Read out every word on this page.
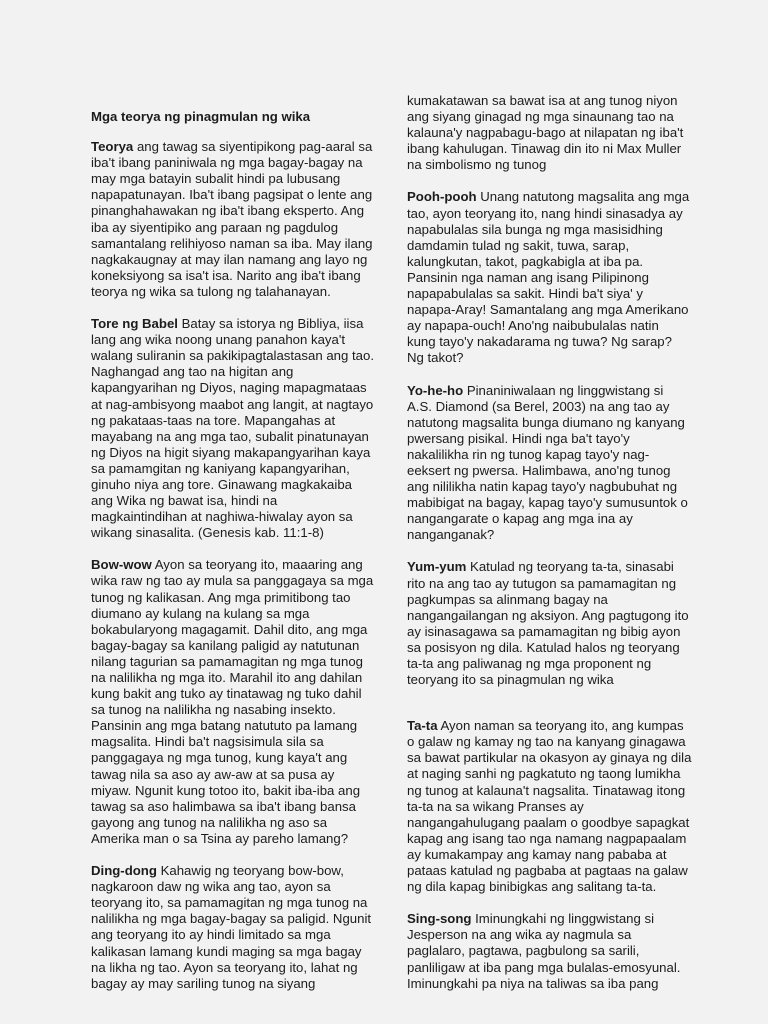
Mga teorya ng pinagmulan ng wika
Teorya ang tawag sa siyentipikong pag-aaral sa
iba't ibang paniniwala ng mga bagay-bagay na
may mga batayin subalit hindi pa lubusang
napapatunayan. Iba't ibang pagsipat o lente ang
pinanghahawakan ng iba't ibang eksperto. Ang
iba ay siyentipiko ang paraan ng pagdulog
samantalang relihiyoso naman sa iba. May ilang
nagkakaugnay at may ilan namang ang layo ng
koneksiyong sa isa't isa. Narito ang iba't ibang
teorya ng wika sa tulong ng talahanayan.
Tore ng Babel Batay sa istorya ng Bibliya, iisa
lang ang wika noong unang panahon kaya't
walang suliranin sa pakikipagtalastasan ang tao.
Naghangad ang tao na higitan ang
kapangyarihan ng Diyos, naging mapagmataas
at nag-ambisyong maabot ang langit, at nagtayo
ng pakataas-taas na tore. Mapangahas at
mayabang na ang mga tao, subalit pinatunayan
ng Diyos na higit siyang makapangyarihan kaya
sa pamamgitan ng kaniyang kapangyarihan,
ginuho niya ang tore. Ginawang magkakaiba
ang Wika ng bawat isa, hindi na
magkaintindihan at naghiwa-hiwalay ayon sa
wikang sinasalita. (Genesis kab. 11:1-8)
Bow-wow Ayon sa teoryang ito, maaaring ang
wika raw ng tao ay mula sa panggagaya sa mga
tunog ng kalikasan. Ang mga primitibong tao
diumano ay kulang na kulang sa mga
bokabularyong magagamit. Dahil dito, ang mga
bagay-bagay sa kanilang paligid ay natutunan
nilang tagurian sa pamamagitan ng mga tunog
na nalilikha ng mga ito. Marahil ito ang dahilan
kung bakit ang tuko ay tinatawag ng tuko dahil
sa tunog na nalilikha ng nasabing insekto.
Pansinin ang mga batang natututo pa lamang
magsalita. Hindi ba't nagsisimula sila sa
panggagaya ng mga tunog, kung kaya't ang
tawag nila sa aso ay aw-aw at sa pusa ay
miyaw. Ngunit kung totoo ito, bakit iba-iba ang
tawag sa aso halimbawa sa iba't ibang bansa
gayong ang tunog na nalilikha ng aso sa
Amerika man o sa Tsina ay pareho lamang?
Ding-dong Kahawig ng teoryang bow-bow,
nagkaroon daw ng wika ang tao, ayon sa
teoryang ito, sa pamamagitan ng mga tunog na
nalilikha ng mga bagay-bagay sa paligid. Ngunit
ang teoryang ito ay hindi limitado sa mga
kalikasan lamang kundi maging sa mga bagay
na likha ng tao. Ayon sa teoryang ito, lahat ng
bagay ay may sariling tunog na siyang
kumakatawan sa bawat isa at ang tunog niyon
ang siyang ginagad ng mga sinaunang tao na
kalauna'y nagpabagu-bago at nilapatan ng iba't
ibang kahulugan. Tinawag din ito ni Max Muller
na simbolismo ng tunog
Pooh-pooh Unang natutong magsalita ang mga
tao, ayon teoryang ito, nang hindi sinasadya ay
napabulalas sila bunga ng mga masisidhing
damdamin tulad ng sakit, tuwa, sarap,
kalungkutan, takot, pagkabigla at iba pa.
Pansinin nga naman ang isang Pilipinong
napapabulalas sa sakit. Hindi ba't siya' y
napapa-Aray! Samantalang ang mga Amerikano
ay napapa-ouch! Ano'ng naibubulalas natin
kung tayo'y nakadarama ng tuwa? Ng sarap?
Ng takot?
Yo-he-ho Pinaniniwalaan ng linggwistang si
A.S. Diamond (sa Berel, 2003) na ang tao ay
natutong magsalita bunga diumano ng kanyang
pwersang pisikal. Hindi nga ba't tayo'y
nakalilikha rin ng tunog kapag tayo'y nag-
eeksert ng pwersa. Halimbawa, ano'ng tunog
ang nililikha natin kapag tayo'y nagbubuhat ng
mabibigat na bagay, kapag tayo'y sumusuntok o
nangangarate o kapag ang mga ina ay
nanganganak?
Yum-yum Katulad ng teoryang ta-ta, sinasabi
rito na ang tao ay tutugon sa pamamagitan ng
pagkumpas sa alinmang bagay na
nangangailangan ng aksiyon. Ang pagtugong ito
ay isinasagawa sa pamamagitan ng bibig ayon
sa posisyon ng dila. Katulad halos ng teoryang
ta-ta ang paliwanag ng mga proponent ng
teoryang ito sa pinagmulan ng wika
Ta-ta Ayon naman sa teoryang ito, ang kumpas
o galaw ng kamay ng tao na kanyang ginagawa
sa bawat partikular na okasyon ay ginaya ng dila
at naging sanhi ng pagkatuto ng taong lumikha
ng tunog at kalauna't nagsalita. Tinatawag itong
ta-ta na sa wikang Pranses ay
nangangahulugang paalam o goodbye sapagkat
kapag ang isang tao nga namang nagpapaalam
ay kumakampay ang kamay nang pababa at
pataas katulad ng pagbaba at pagtaas na galaw
ng dila kapag binibigkas ang salitang ta-ta.
Sing-song Iminungkahi ng linggwistang si
Jesperson na ang wika ay nagmula sa
paglalaro, pagtawa, pagbulong sa sarili,
panliligaw at iba pang mga bulalas-emosyunal.
Iminungkahi pa niya na taliwas sa iba pang
